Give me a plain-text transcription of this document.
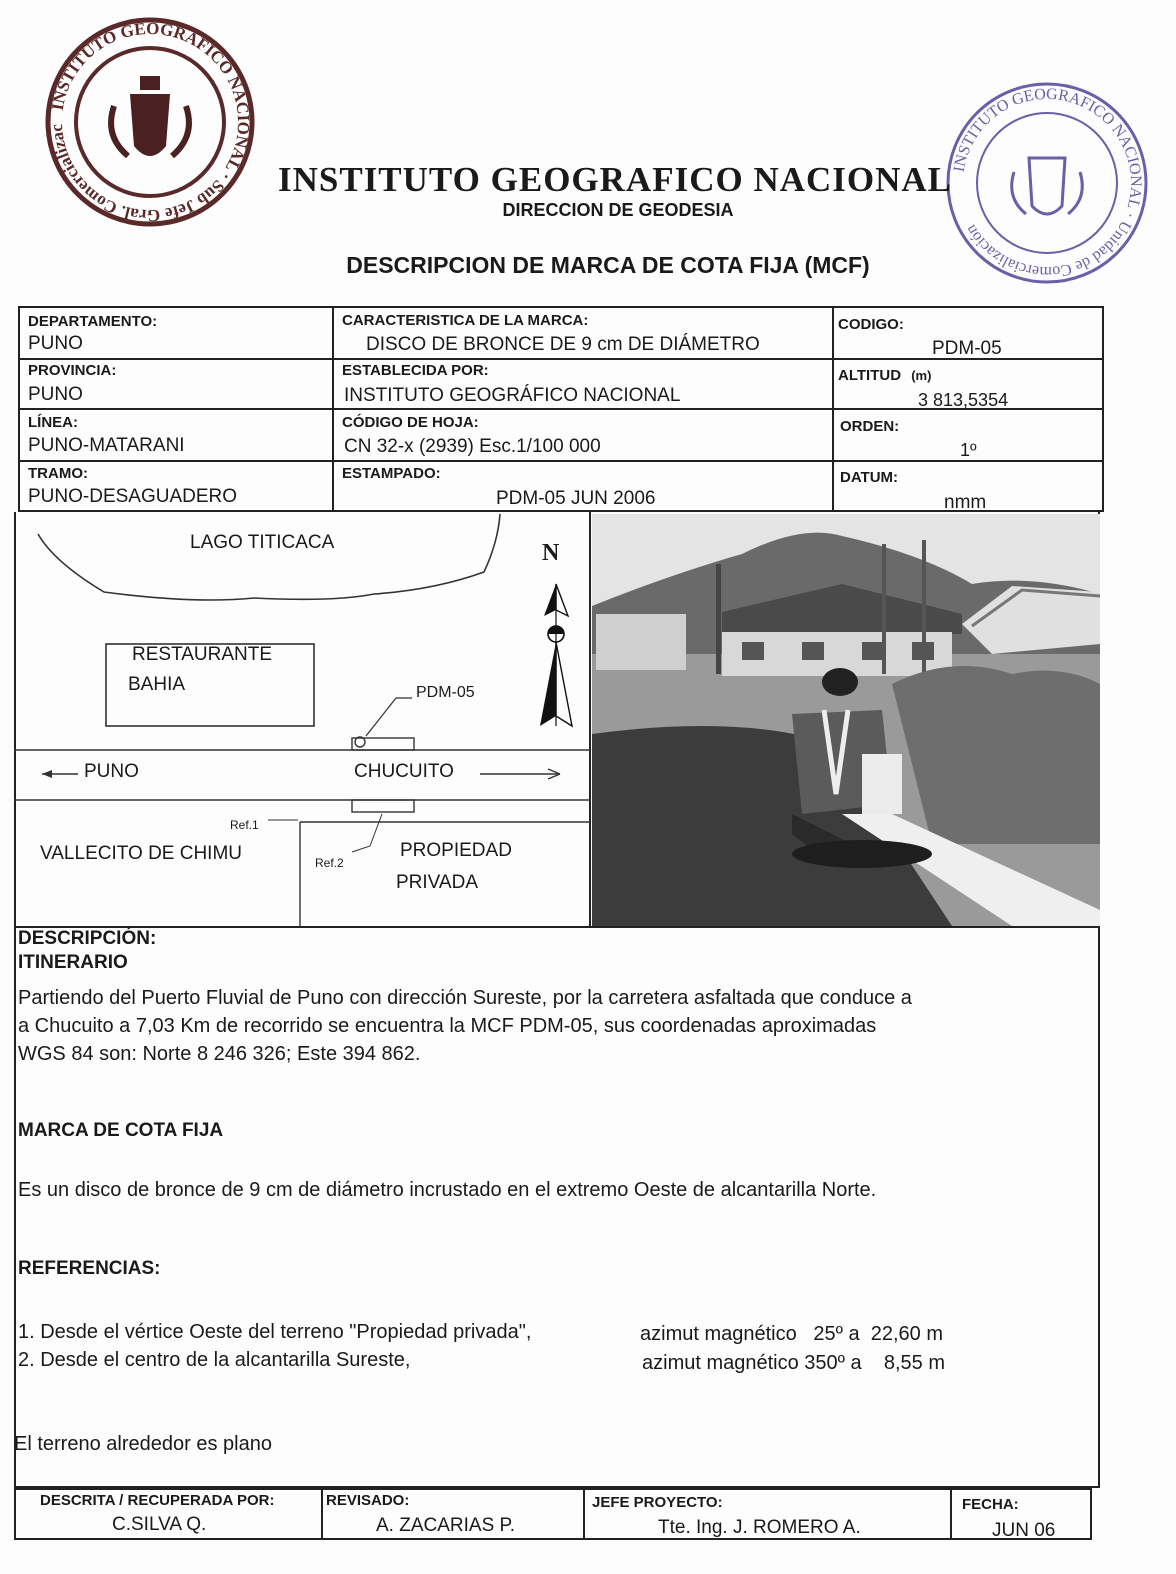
INSTITUTO GEOGRAFICO NACIONAL · Sub Jefe Gral. Comercializac
INSTITUTO GEOGRAFICO NACIONAL · Unidad de Comercialización
INSTITUTO GEOGRAFICO NACIONAL
DIRECCION DE GEODESIA
DESCRIPCION DE MARCA DE COTA FIJA (MCF)
DEPARTAMENTO:
PUNO
CARACTERISTICA DE LA MARCA:
DISCO DE BRONCE DE 9 cm DE DIÁMETRO
CODIGO:
PDM-05
PROVINCIA:
PUNO
ESTABLECIDA POR:
INSTITUTO GEOGRÁFICO NACIONAL
ALTITUD (m)
3 813,5354
LÍNEA:
PUNO-MATARANI
CÓDIGO DE HOJA:
CN 32-x (2939) Esc.1/100 000
ORDEN:
1º
TRAMO:
PUNO-DESAGUADERO
ESTAMPADO:
PDM-05 JUN 2006
DATUM:
nmm
LAGO TITICACA	N
RESTAURANTE
BAHIA	PDM-05
PUNO	CHUCUITO
Ref.1
Ref.2
VALLECITO DE CHIMU	PROPIEDAD
PRIVADA
DESCRIPCIÓN:
ITINERARIO
Partiendo del Puerto Fluvial de Puno con dirección Sureste, por la carretera asfaltada que conduce a
a Chucuito a 7,03 Km de recorrido se encuentra la MCF PDM-05, sus coordenadas aproximadas
WGS 84 son: Norte 8 246 326; Este 394 862.
MARCA DE COTA FIJA
Es un disco de bronce de 9 cm de diámetro incrustado en el extremo Oeste de alcantarilla Norte.
REFERENCIAS:
1. Desde el vértice Oeste del terreno "Propiedad privada",	azimut magnético   25º a  22,60 m
2. Desde el centro de la alcantarilla Sureste,	azimut magnético 350º a    8,55 m
El terreno alrededor es plano
DESCRITA / RECUPERADA POR:
C.SILVA Q.
REVISADO:
A. ZACARIAS P.
JEFE PROYECTO:
Tte. Ing. J. ROMERO A.
FECHA:
JUN 06
